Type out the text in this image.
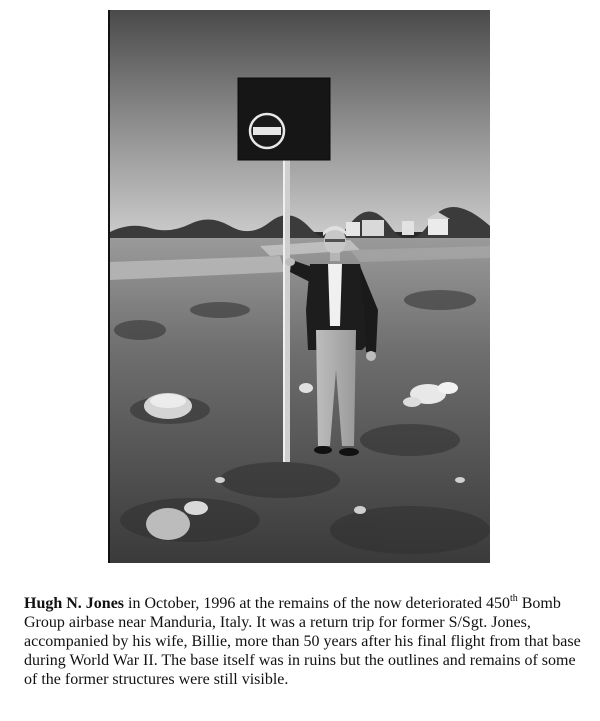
Hugh N. Jones in October, 1996 at the remains of the now deteriorated 450th Bomb Group airbase near Manduria, Italy. It was a return trip for former S/Sgt. Jones, accompanied by his wife, Billie, more than 50 years after his final flight from that base during World War II. The base itself was in ruins but the outlines and remains of some of the former structures were still visible.
